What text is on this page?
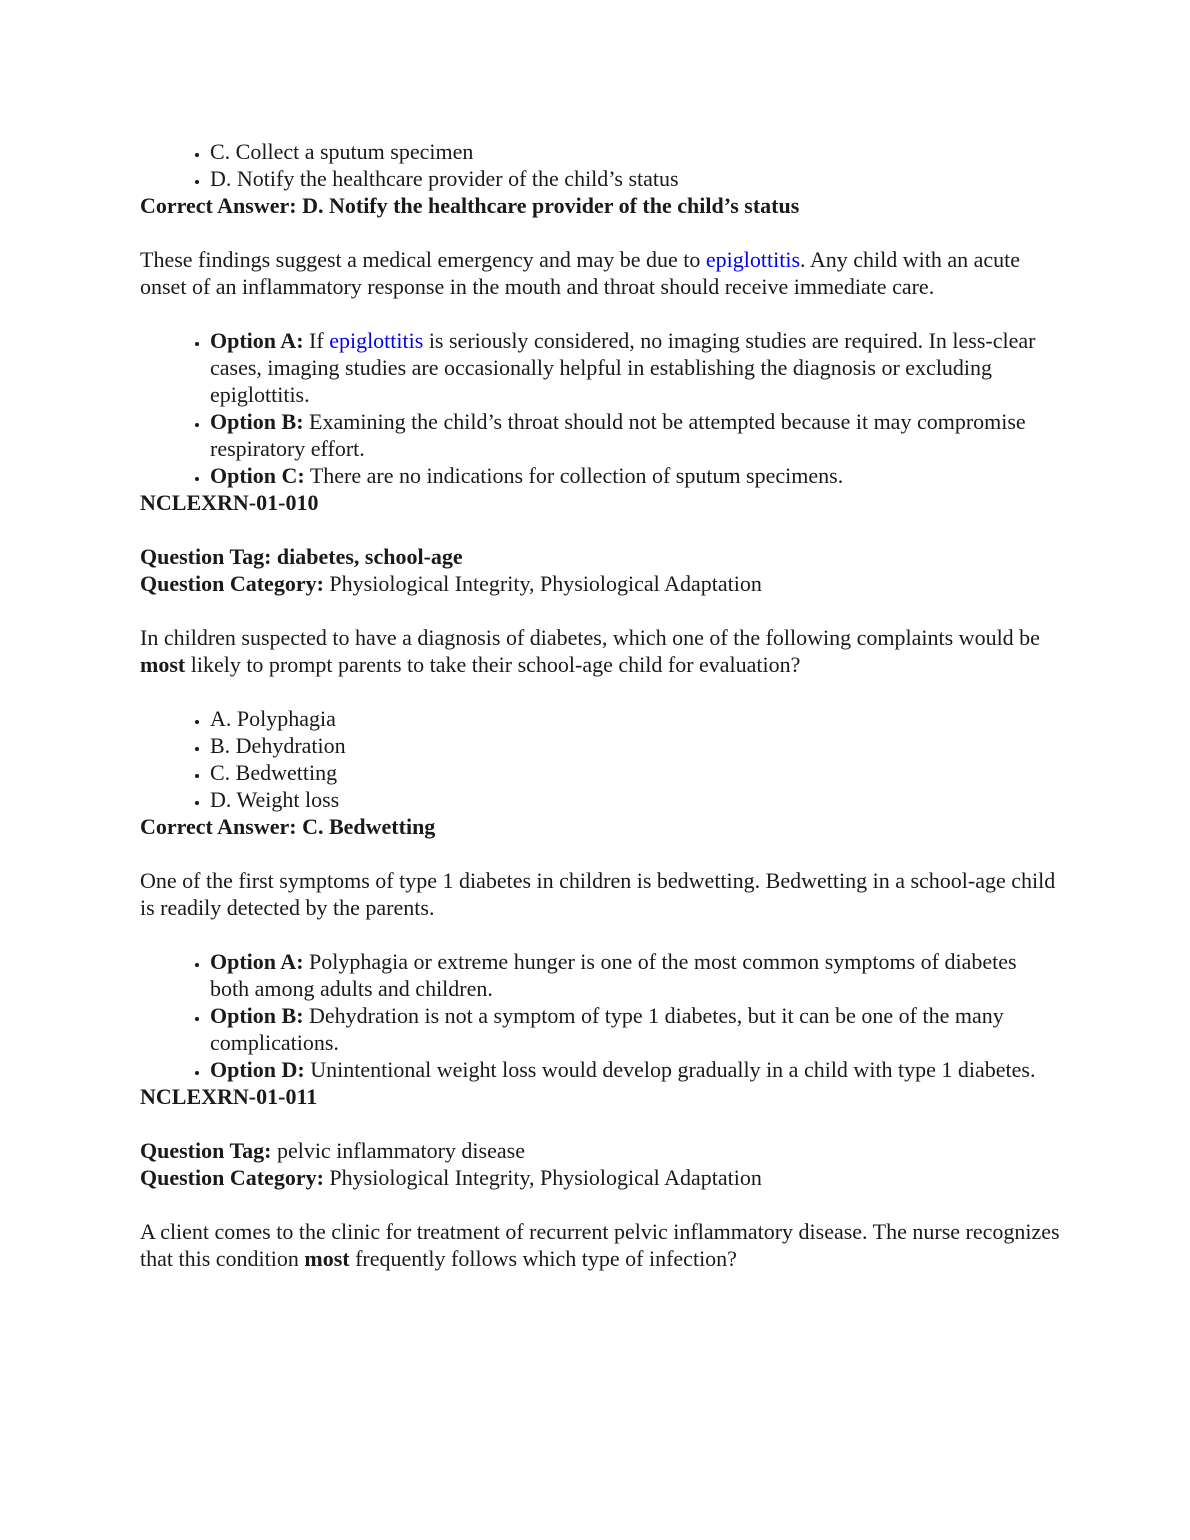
• C. Collect a sputum specimen
• D. Notify the healthcare provider of the child’s status

Correct Answer: D. Notify the healthcare provider of the child’s status

These findings suggest a medical emergency and may be due to epiglottitis. Any child with an acute onset of an inflammatory response in the mouth and throat should receive immediate care.

• Option A: If epiglottitis is seriously considered, no imaging studies are required. In less-clear cases, imaging studies are occasionally helpful in establishing the diagnosis or excluding epiglottitis.
• Option B: Examining the child’s throat should not be attempted because it may compromise respiratory effort.
• Option C: There are no indications for collection of sputum specimens.

NCLEXRN-01-010

Question Tag: diabetes, school-age

Question Category: Physiological Integrity, Physiological Adaptation

In children suspected to have a diagnosis of diabetes, which one of the following complaints would be most likely to prompt parents to take their school-age child for evaluation?

• A. Polyphagia
• B. Dehydration
• C. Bedwetting
• D. Weight loss

Correct Answer: C. Bedwetting

One of the first symptoms of type 1 diabetes in children is bedwetting. Bedwetting in a school-age child is readily detected by the parents.

• Option A: Polyphagia or extreme hunger is one of the most common symptoms of diabetes both among adults and children.
• Option B: Dehydration is not a symptom of type 1 diabetes, but it can be one of the many complications.
• Option D: Unintentional weight loss would develop gradually in a child with type 1 diabetes.

NCLEXRN-01-011

Question Tag: pelvic inflammatory disease

Question Category: Physiological Integrity, Physiological Adaptation

A client comes to the clinic for treatment of recurrent pelvic inflammatory disease. The nurse recognizes that this condition most frequently follows which type of infection?
